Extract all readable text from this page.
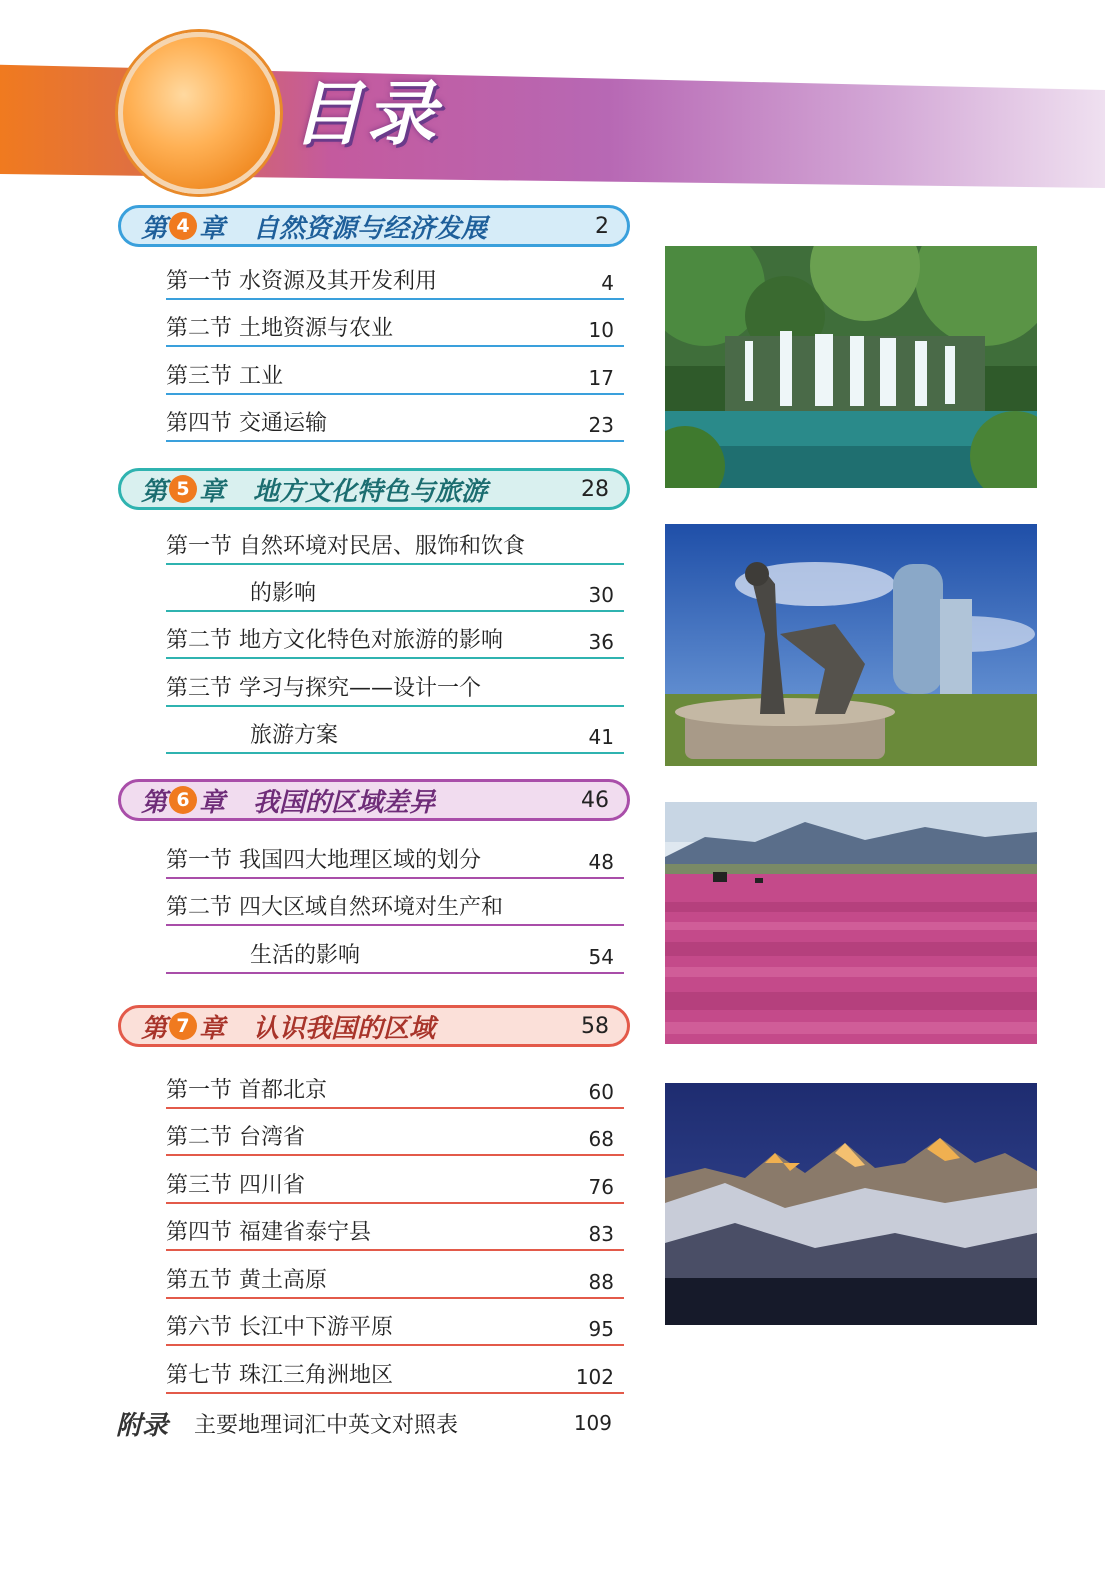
目录
第 4 章 自然资源与经济发展	2
第一节 水资源及其开发利用	4
第二节 土地资源与农业	10
第三节 工业	17
第四节 交通运输	23
第 5 章 地方文化特色与旅游	28
第一节 自然环境对民居、服饰和饮食
的影响	30
第二节 地方文化特色对旅游的影响	36
第三节 学习与探究——设计一个
旅游方案	41
第 6 章 我国的区域差异	46
第一节 我国四大地理区域的划分	48
第二节 四大区域自然环境对生产和
生活的影响	54
第 7 章 认识我国的区域	58
第一节 首都北京	60
第二节 台湾省	68
第三节 四川省	76
第四节 福建省泰宁县	83
第五节 黄土高原	88
第六节 长江中下游平原	95
第七节 珠江三角洲地区	102
附录 主要地理词汇中英文对照表	109
